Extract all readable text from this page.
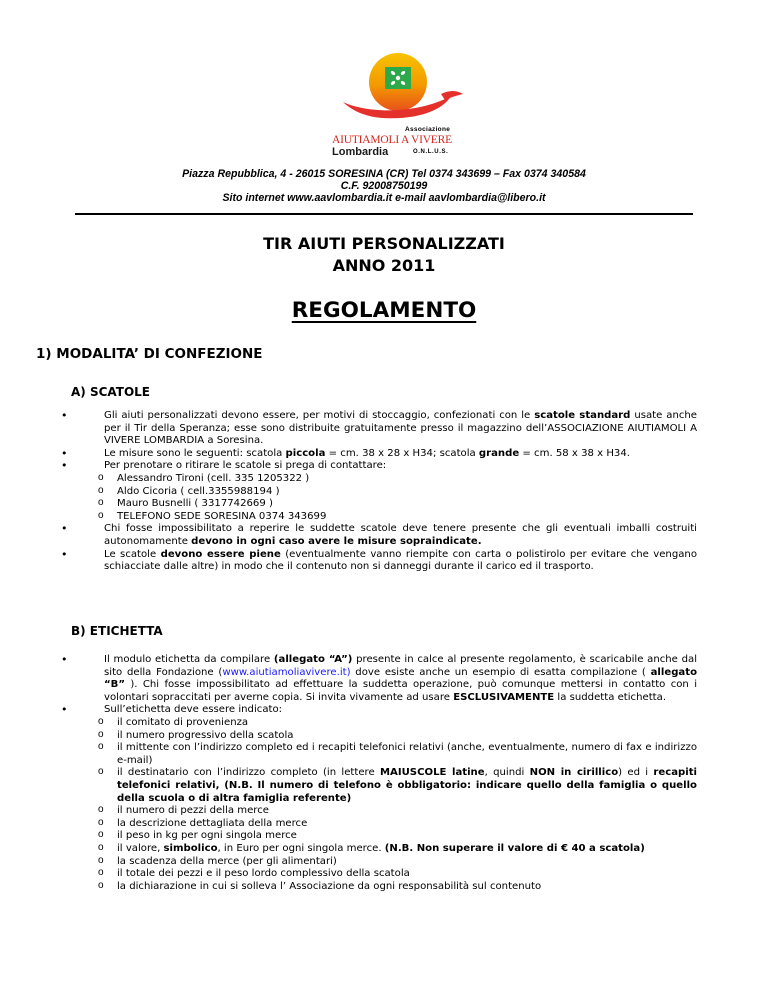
Associazione
AIUTIAMOLI A VIVERE
Lombardia	O.N.L.U.S.
Piazza Repubblica, 4 - 26015 SORESINA (CR) Tel 0374 343699 – Fax 0374 340584
C.F. 92008750199
Sito internet www.aavlombardia.it e-mail aavlombardia@libero.it
TIR AIUTI PERSONALIZZATI
ANNO 2011
REGOLAMENTO
1) MODALITA’ DI CONFEZIONE
A) SCATOLE
• Gli aiuti personalizzati devono essere, per motivi di stoccaggio, confezionati con le scatole standard usate anche per il Tir della Speranza; esse sono distribuite gratuitamente presso il magazzino dell’ASSOCIAZIONE AIUTIAMOLI A VIVERE LOMBARDIA a Soresina.
• Le misure sono le seguenti: scatola piccola = cm. 38 x 28 x H34; scatola grande = cm. 58 x 38 x H34.
• Per prenotare o ritirare le scatole si prega di contattare:
o Alessandro Tironi (cell. 335 1205322 )
o Aldo Cicoria ( cell.3355988194 )
o Mauro Busnelli ( 3317742669 )
o TELEFONO SEDE SORESINA 0374 343699
• Chi fosse impossibilitato a reperire le suddette scatole deve tenere presente che gli eventuali imballi costruiti autonomamente devono in ogni caso avere le misure sopraindicate.
• Le scatole devono essere piene (eventualmente vanno riempite con carta o polistirolo per evitare che vengano schiacciate dalle altre) in modo che il contenuto non si danneggi durante il carico ed il trasporto.
B) ETICHETTA
• Il modulo etichetta da compilare (allegato “A”) presente in calce al presente regolamento, è scaricabile anche dal sito della Fondazione (www.aiutiamoliavivere.it) dove esiste anche un esempio di esatta compilazione ( allegato “B” ). Chi fosse impossibilitato ad effettuare la suddetta operazione, può comunque mettersi in contatto con i volontari sopraccitati per averne copia. Si invita vivamente ad usare ESCLUSIVAMENTE la suddetta etichetta.
• Sull’etichetta deve essere indicato:
o il comitato di provenienza
o il numero progressivo della scatola
o il mittente con l’indirizzo completo ed i recapiti telefonici relativi (anche, eventualmente, numero di fax e indirizzo e-mail)
o il destinatario con l’indirizzo completo (in lettere MAIUSCOLE latine, quindi NON in cirillico) ed i recapiti telefonici relativi, (N.B. Il numero di telefono è obbligatorio: indicare quello della famiglia o quello della scuola o di altra famiglia referente)
o il numero di pezzi della merce
o la descrizione dettagliata della merce
o il peso in kg per ogni singola merce
o il valore, simbolico, in Euro per ogni singola merce. (N.B. Non superare il valore di € 40 a scatola)
o la scadenza della merce (per gli alimentari)
o il totale dei pezzi e il peso lordo complessivo della scatola
o la dichiarazione in cui si solleva l’ Associazione da ogni responsabilità sul contenuto
